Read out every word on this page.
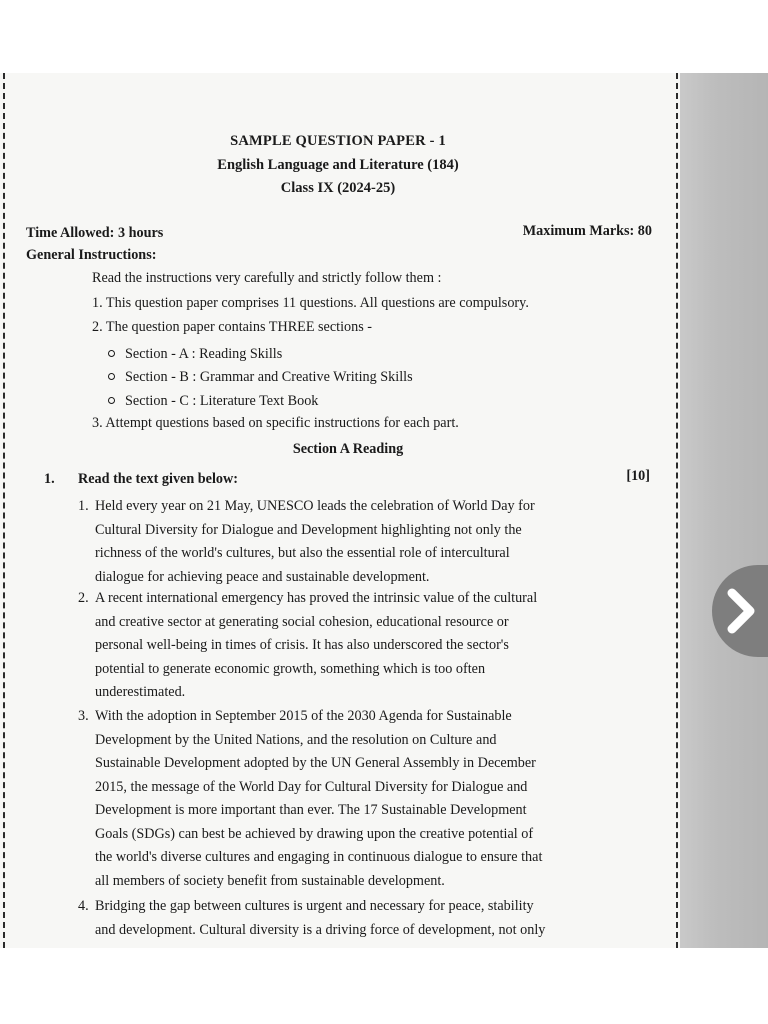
SAMPLE QUESTION PAPER - 1
English Language and Literature (184)
Class IX (2024-25)
Time Allowed: 3 hours	Maximum Marks: 80
General Instructions:
Read the instructions very carefully and strictly follow them :
1. This question paper comprises 11 questions. All questions are compulsory.
2. The question paper contains THREE sections -
Section - A : Reading Skills
Section - B : Grammar and Creative Writing Skills
Section - C : Literature Text Book
3. Attempt questions based on specific instructions for each part.
Section A Reading
1. Read the text given below:	[10]
1. Held every year on 21 May, UNESCO leads the celebration of World Day for
Cultural Diversity for Dialogue and Development highlighting not only the
richness of the world's cultures, but also the essential role of intercultural
dialogue for achieving peace and sustainable development.
2. A recent international emergency has proved the intrinsic value of the cultural
and creative sector at generating social cohesion, educational resource or
personal well-being in times of crisis. It has also underscored the sector's
potential to generate economic growth, something which is too often
underestimated.
3. With the adoption in September 2015 of the 2030 Agenda for Sustainable
Development by the United Nations, and the resolution on Culture and
Sustainable Development adopted by the UN General Assembly in December
2015, the message of the World Day for Cultural Diversity for Dialogue and
Development is more important than ever. The 17 Sustainable Development
Goals (SDGs) can best be achieved by drawing upon the creative potential of
the world's diverse cultures and engaging in continuous dialogue to ensure that
all members of society benefit from sustainable development.
4. Bridging the gap between cultures is urgent and necessary for peace, stability
and development. Cultural diversity is a driving force of development, not only
